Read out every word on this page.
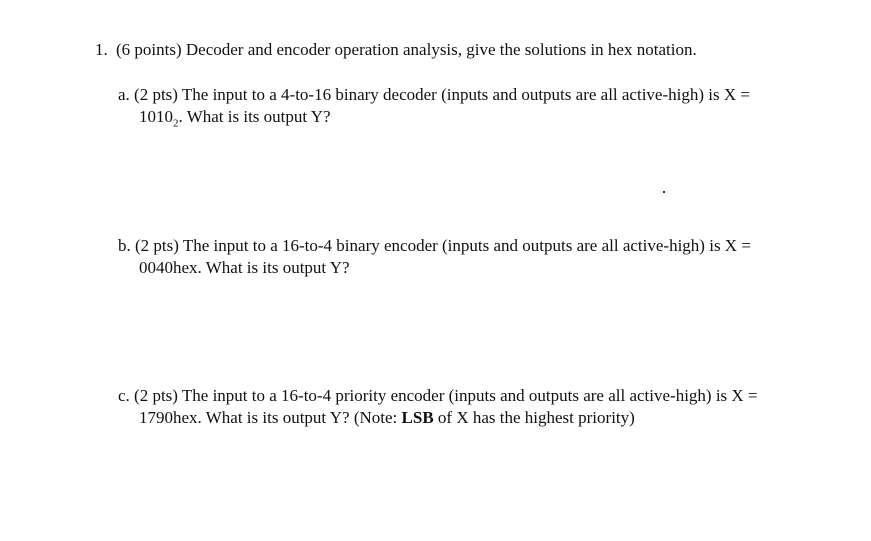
1. (6 points) Decoder and encoder operation analysis, give the solutions in hex notation.
a. (2 pts) The input to a 4-to-16 binary decoder (inputs and outputs are all active-high) is X =
$1010_2$. What is its output Y?
b. (2 pts) The input to a 16-to-4 binary encoder (inputs and outputs are all active-high) is X =
0040hex. What is its output Y?
c. (2 pts) The input to a 16-to-4 priority encoder (inputs and outputs are all active-high) is X =
1790hex. What is its output Y? (Note: LSB of X has the highest priority)
